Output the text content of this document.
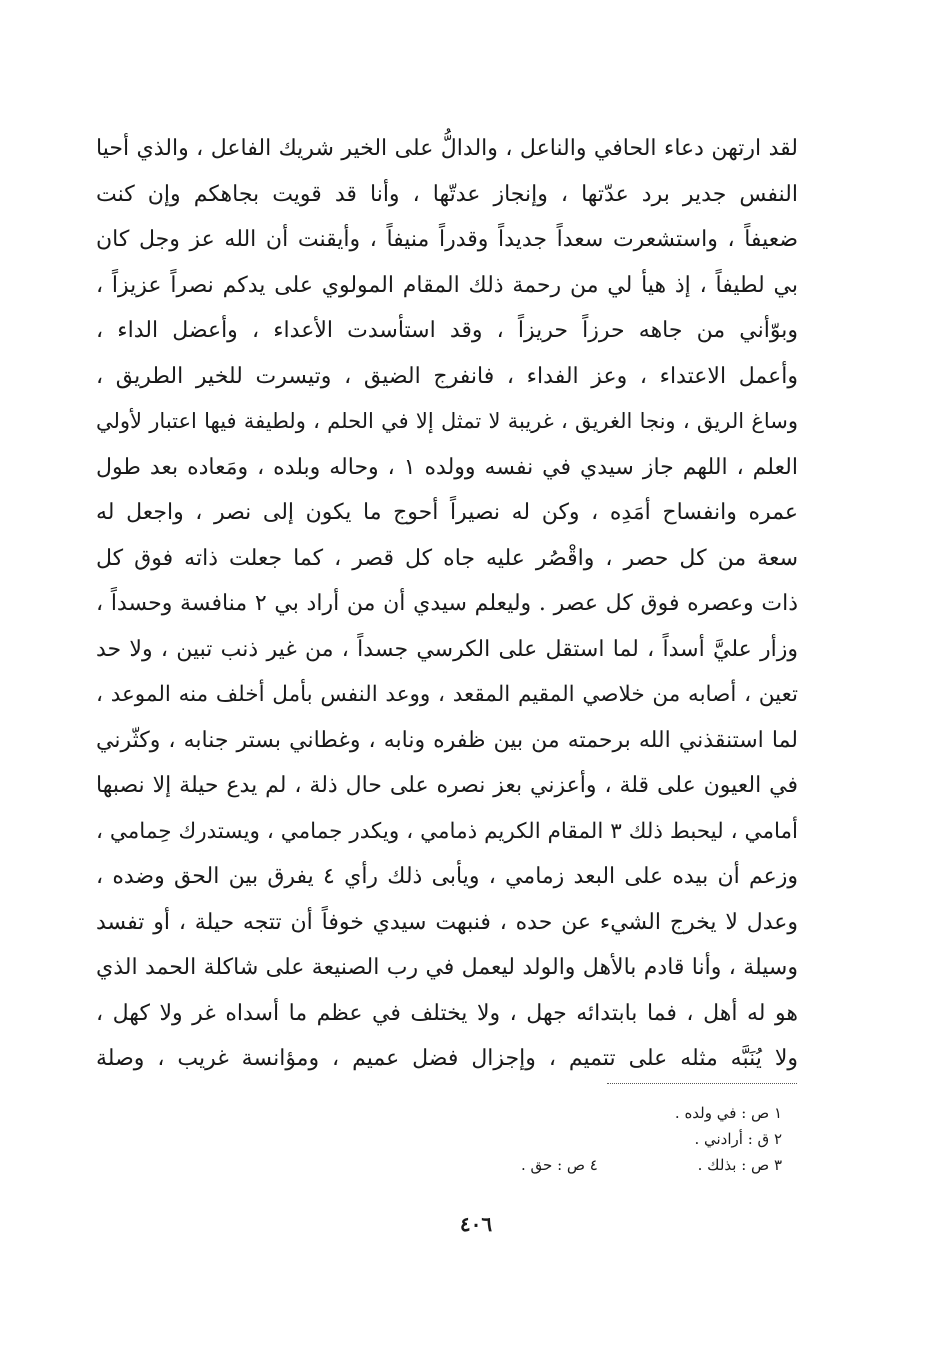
لقد ارتهن دعاء الحافي والناعل ، والدالُّ على الخير شريك الفاعل ، والذي أحيا
النفس جدير برد عدّتها ، وإنجاز عدتّها ، وأنا قد قويت بجاهكم وإن كنت
ضعيفاً ، واستشعرت سعداً جديداً وقدراً منيفاً ، وأيقنت أن الله عز وجل كان
بي لطيفاً ، إذ هيأ لي من رحمة ذلك المقام المولوي على يدكم نصراً عزيزاً ،
وبوّأني من جاهه حرزاً حريزاً ، وقد استأسدت الأعداء ، وأعضل الداء ،
وأعمل الاعتداء ، وعز الفداء ، فانفرج الضيق ، وتيسرت للخير الطريق ،
وساغ الريق ، ونجا الغريق ، غريبة لا تمثل إلا في الحلم ، ولطيفة فيها اعتبار لأولي
العلم ، اللهم جاز سيدي في نفسه وولده ١ ، وحاله وبلده ، ومَعاده بعد طول
عمره وانفساح أمَدِه ، وكن له نصيراً أحوج ما يكون إلى نصر ، واجعل له
سعة من كل حصر ، واقْصُر عليه جاه كل قصر ، كما جعلت ذاته فوق كل
ذات وعصره فوق كل عصر . وليعلم سيدي أن من أراد بي ٢ منافسة وحسداً ،
وزأر عليَّ أسداً ، لما استقل على الكرسي جسداً ، من غير ذنب تبين ، ولا حد
تعين ، أصابه من خلاصي المقيم المقعد ، ووعد النفس بأمل أخلف منه الموعد ،
لما استنقذني الله برحمته من بين ظفره ونابه ، وغطاني بستر جنابه ، وكثّرني
في العيون على قلة ، وأعزني بعز نصره على حال ذلة ، لم يدع حيلة إلا نصبها
أمامي ، ليحبط ذلك ٣ المقام الكريم ذمامي ، ويكدر جمامي ، ويستدرك حِمامي ،
وزعم أن بيده على البعد زمامي ، ويأبى ذلك رأي ٤ يفرق بين الحق وضده ،
وعدل لا يخرج الشيء عن حده ، فنبهت سيدي خوفاً أن تتجه حيلة ، أو تفسد
وسيلة ، وأنا قادم بالأهل والولد ليعمل في رب الصنيعة على شاكلة الحمد الذي
هو له أهل ، فما بابتدائه جهل ، ولا يختلف في عظم ما أسداه غر ولا كهل ،
ولا يُنَبَّه مثله على تتميم ، وإجزال فضل عميم ، ومؤانسة غريب ، وصلة
١ ص : في ولده .
٢ ق : أرادني .
٣ ص : بذلك . ٤ ص : حق .
٤٠٦
